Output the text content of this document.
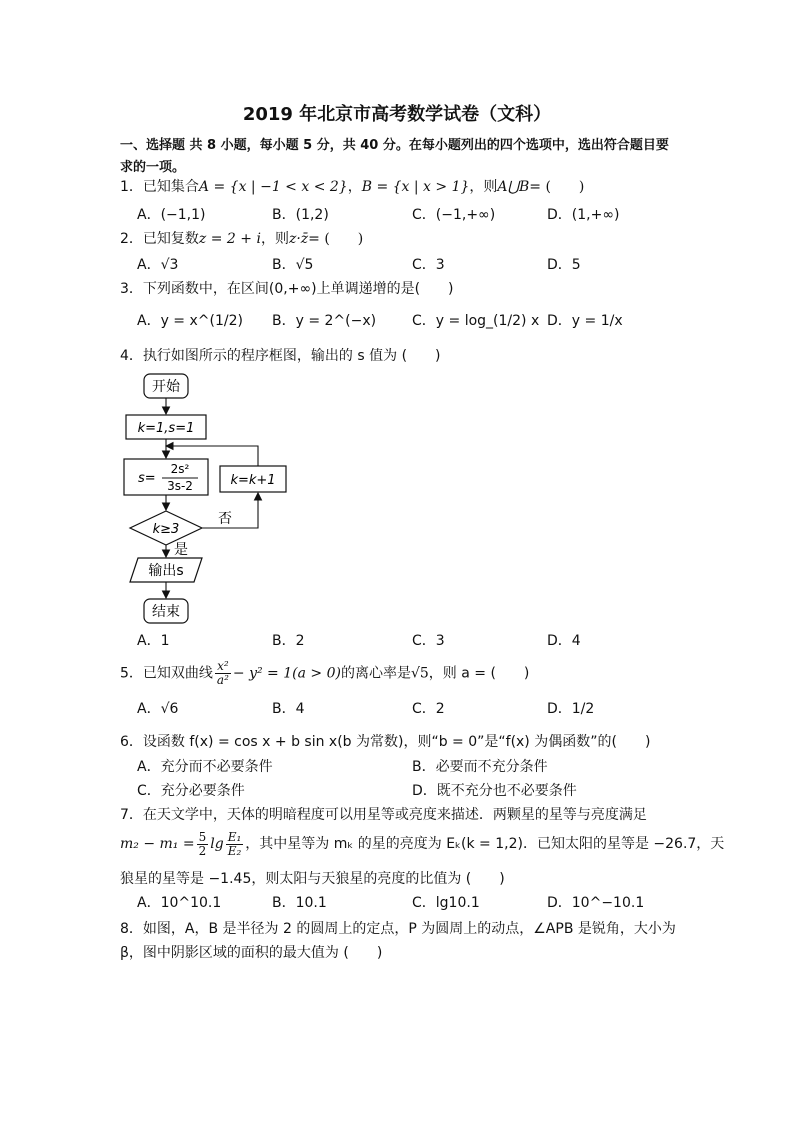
2019 年北京市高考数学试卷（文科）
一、选择题 共 8 小题，每小题 5 分，共 40 分。在每小题列出的四个选项中，选出符合题目要求的一项。
1．已知集合A = {x | −1 < x < 2}，B = {x | x > 1}，则A⋃B= (　　)
A．(−1,1)	B．(1,2)	C．(−1,+∞)	D．(1,+∞)
2．已知复数z = 2 + i，则z·z̄= (　　)
A．√3	B．√5	C．3	D．5
3．下列函数中，在区间(0,+∞)上单调递增的是(　　)
A．y = x^(1/2) B．y = 2^(−x)	C．y = log_(1/2) x D．y = 1/x
4．执行如图所示的程序框图，输出的 s 值为 (　　)
开始
k=1,s=1
s=
2s²
3s-2	k=k+1
k≥3
否
是
输出s
结束
A．1	B．2	C．3	D．4
5．已知双曲线 $\frac{\text{x²}}{\text{a²}} - y^2 = 1(a > 0)$的离心率是√5，则 a = (　　)
A．√6	B．4	C．2	D．1/2
6．设函数 f(x) = cos x + b sin x(b 为常数)，则“b = 0”是“f(x) 为偶函数”的(　　)
A．充分而不必要条件	B．必要而不充分条件
C．充分必要条件	D．既不充分也不必要条件
7．在天文学中，天体的明暗程度可以用星等或亮度来描述．两颗星的星等与亮度满足
$m_2 - m_1 = \frac{5}{2}$ $\lg \frac{\text{E₁}}{\text{E₂}}$ ，其中星等为 mₖ 的星的亮度为 Eₖ(k = 1,2)．已知太阳的星等是 −26.7，天
狼星的星等是 −1.45，则太阳与天狼星的亮度的比值为 (　　)
A．10^10.1	B．10.1	C．lg10.1	D．10^−10.1
8．如图，A，B 是半径为 2 的圆周上的定点，P 为圆周上的动点，∠APB 是锐角，大小为
β，图中阴影区域的面积的最大值为 (　　)
